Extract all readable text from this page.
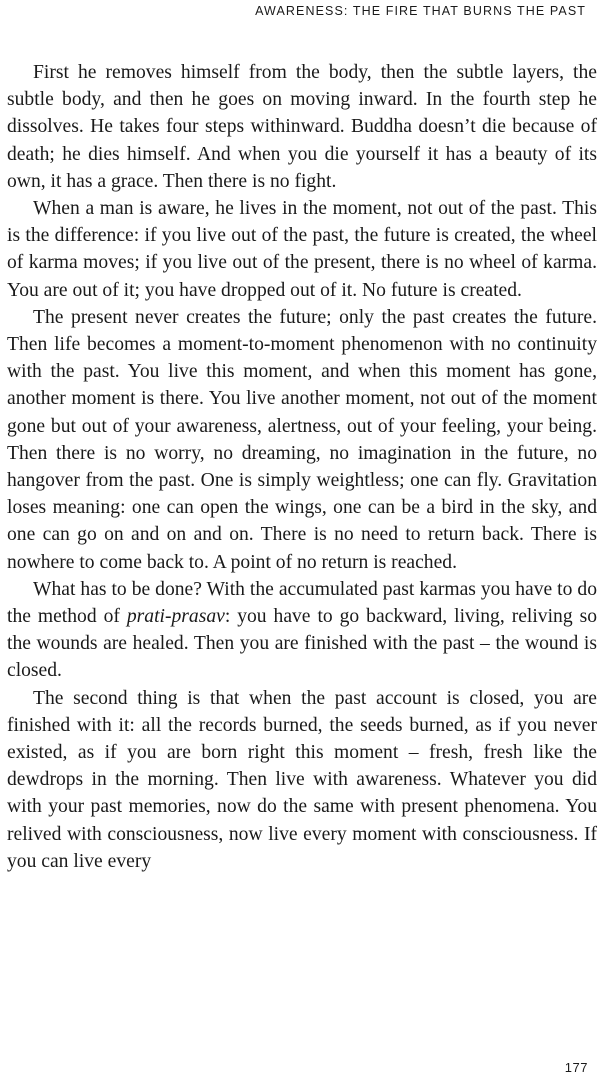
AWARENESS: THE FIRE THAT BURNS THE PAST

First he removes himself from the body, then the subtle layers, the subtle body, and then he goes on moving inward. In the fourth step he dissolves. He takes four steps withinward. Buddha doesn’t die because of death; he dies himself. And when you die yourself it has a beauty of its own, it has a grace. Then there is no fight.

When a man is aware, he lives in the moment, not out of the past. This is the difference: if you live out of the past, the future is created, the wheel of karma moves; if you live out of the present, there is no wheel of karma. You are out of it; you have dropped out of it. No future is created.

The present never creates the future; only the past creates the future. Then life becomes a moment-to-moment phenomenon with no continuity with the past. You live this moment, and when this moment has gone, another moment is there. You live another moment, not out of the moment gone but out of your awareness, alertness, out of your feeling, your being. Then there is no worry, no dreaming, no imagination in the future, no hangover from the past. One is simply weightless; one can fly. Gravitation loses meaning: one can open the wings, one can be a bird in the sky, and one can go on and on and on. There is no need to return back. There is nowhere to come back to. A point of no return is reached.

What has to be done? With the accumulated past karmas you have to do the method of prati-prasav: you have to go backward, living, reliving so the wounds are healed. Then you are finished with the past – the wound is closed.

The second thing is that when the past account is closed, you are finished with it: all the records burned, the seeds burned, as if you never existed, as if you are born right this moment – fresh, fresh like the dewdrops in the morning. Then live with awareness. Whatever you did with your past memories, now do the same with present phenomena. You relived with consciousness, now live every moment with consciousness. If you can live every

177
